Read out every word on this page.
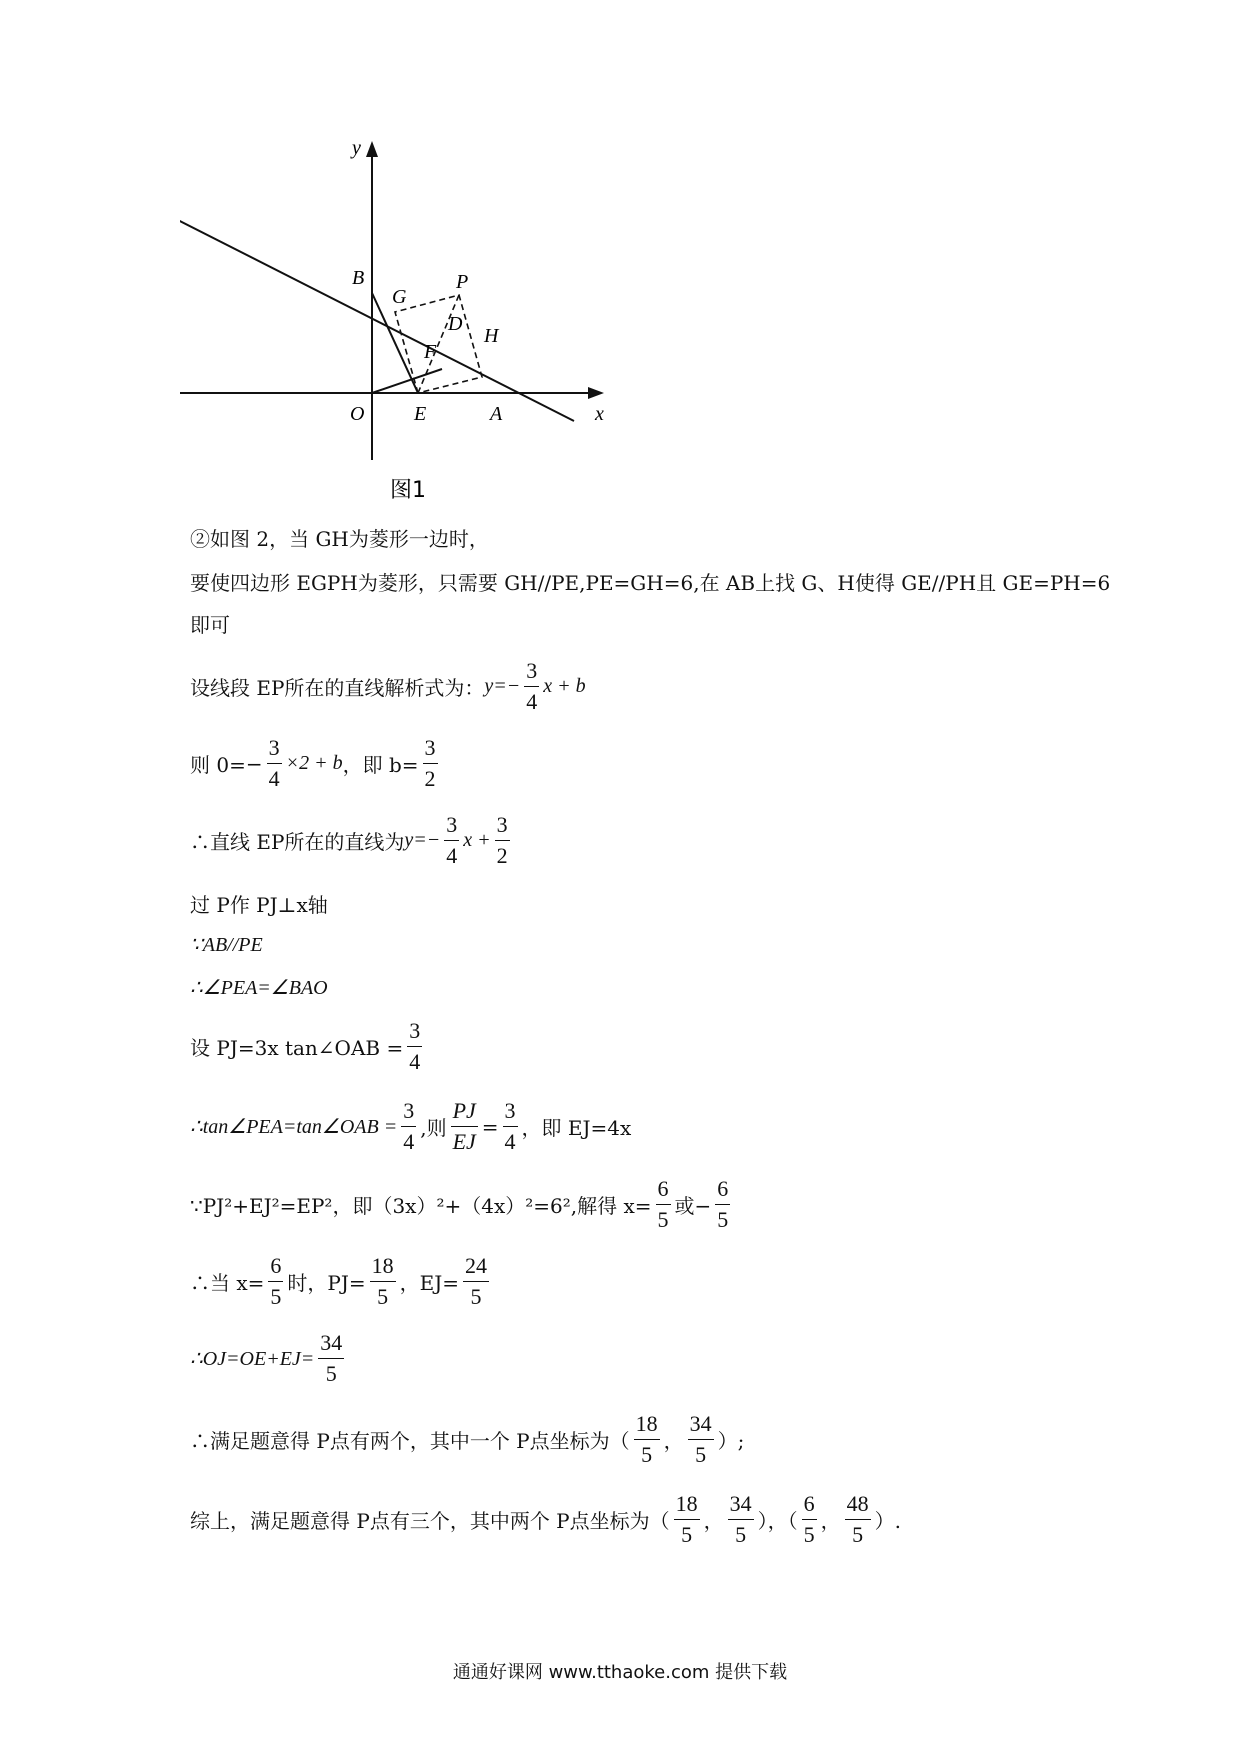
y
x
O
B
G
P
D
H
F
E	A
图1
②如图 2，当 GH为菱形一边时，
要使四边形 EGPH为菱形，只需要 GH//PE,PE=GH=6,在 AB上找 G、H使得 GE//PH且 GE=PH=6
即可
设线段 EP所在的直线解析式为： $y=- \frac{3}{4}$ x + b
则 $0= - \frac{3}{4} \times 2 + b$ ，即 $b= \frac{3}{2}$
∴直线 EP所在的直线为 $y=- \frac{3}{4}$ $x + \frac{3}{2}$
过 P作 PJ⊥x轴
∵AB//PE
∴∠PEA=∠BAO
设 PJ=3x tan∠OAB = $\frac{3}{4}$
∴tan∠PEA=tan∠OAB = $\frac{3}{4}$ ,则 $\frac{PJ}{EJ} = \frac{3}{4}$ ，即 EJ=4x
∵PJ²+EJ²=EP²，即（3x）²+（4x）²=6²,解得 $x= \frac{6}{5}$ 或− $\frac{6}{5}$
∴当 $x= \frac{6}{5}$ 时，$PJ= \frac{18}{5}$ ，$EJ= \frac{24}{5}$
∴OJ=OE+EJ= $\frac{34}{5}$
∴满足题意得 P点有两个，其中一个 P点坐标为（ $\frac{18}{5}$ ， $\frac{34}{5}$ ）;
综上，满足题意得 P点有三个，其中两个 P点坐标为（ $\frac{18}{5}$ ， $\frac{34}{5}$ ），（ $\frac{6}{5}$ ， $\frac{48}{5}$ ）.
通通好课网 www.tthaoke.com 提供下载
